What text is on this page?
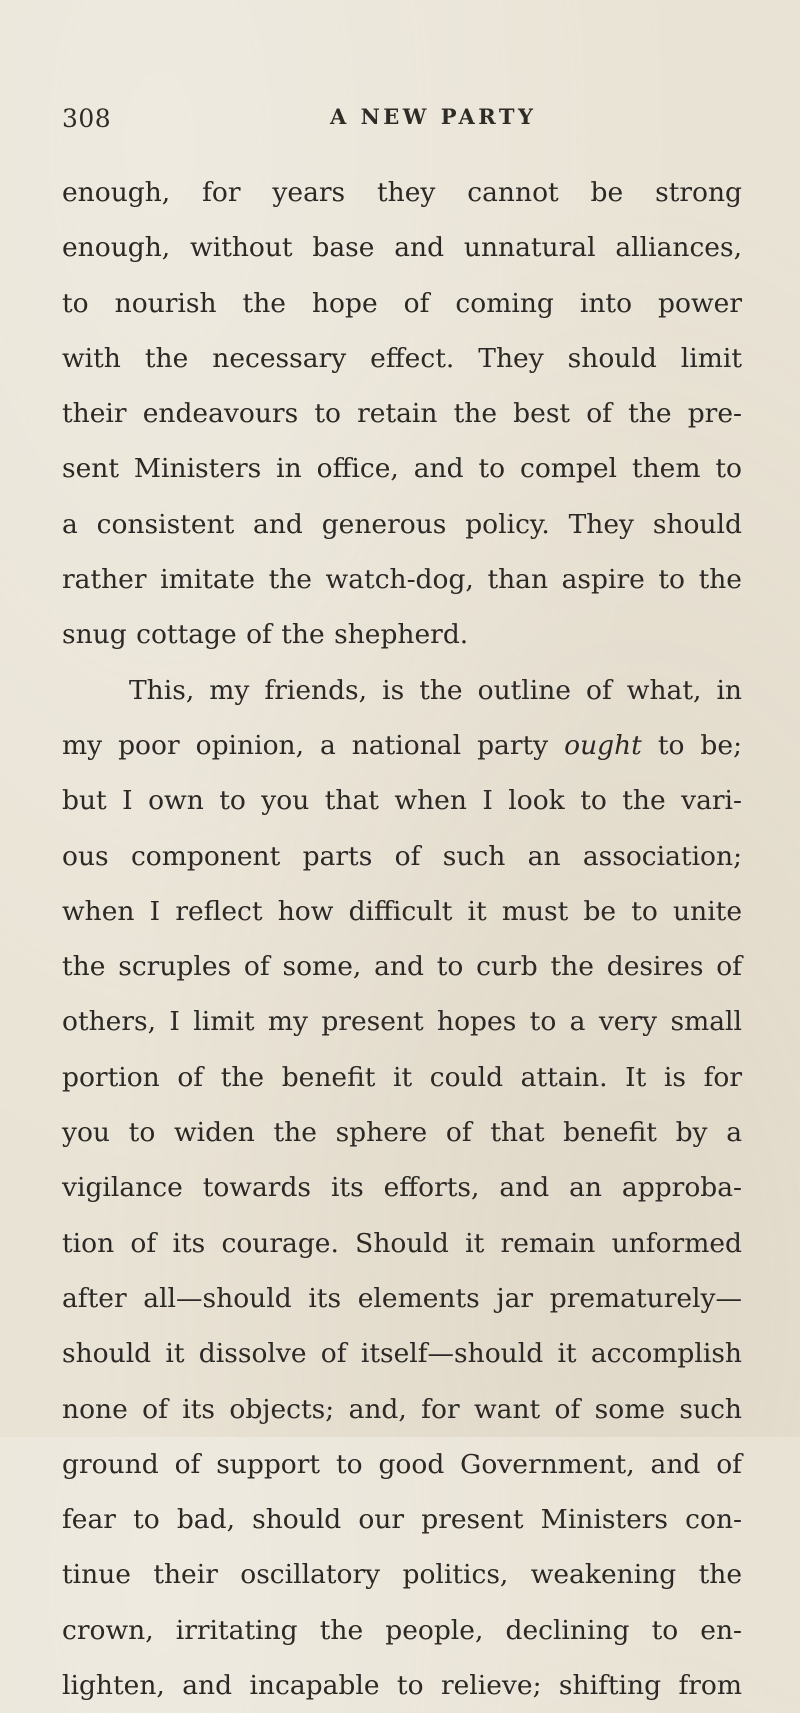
308	A NEW PARTY
enough, for years they cannot be strong
enough, without base and unnatural alliances,
to nourish the hope of coming into power
with the necessary effect. They should limit
their endeavours to retain the best of the pre-
sent Ministers in office, and to compel them to
a consistent and generous policy. They should
rather imitate the watch-dog, than aspire to the
snug cottage of the shepherd.
This, my friends, is the outline of what, in
my poor opinion, a national party ought to be;
but I own to you that when I look to the vari-
ous component parts of such an association;
when I reflect how difficult it must be to unite
the scruples of some, and to curb the desires of
others, I limit my present hopes to a very small
portion of the benefit it could attain. It is for
you to widen the sphere of that benefit by a
vigilance towards its efforts, and an approba-
tion of its courage. Should it remain unformed
after all—should its elements jar prematurely—
should it dissolve of itself—should it accomplish
none of its objects; and, for want of some such
ground of support to good Government, and of
fear to bad, should our present Ministers con-
tinue their oscillatory politics, weakening the
crown, irritating the people, declining to en-
lighten, and incapable to relieve; shifting from
